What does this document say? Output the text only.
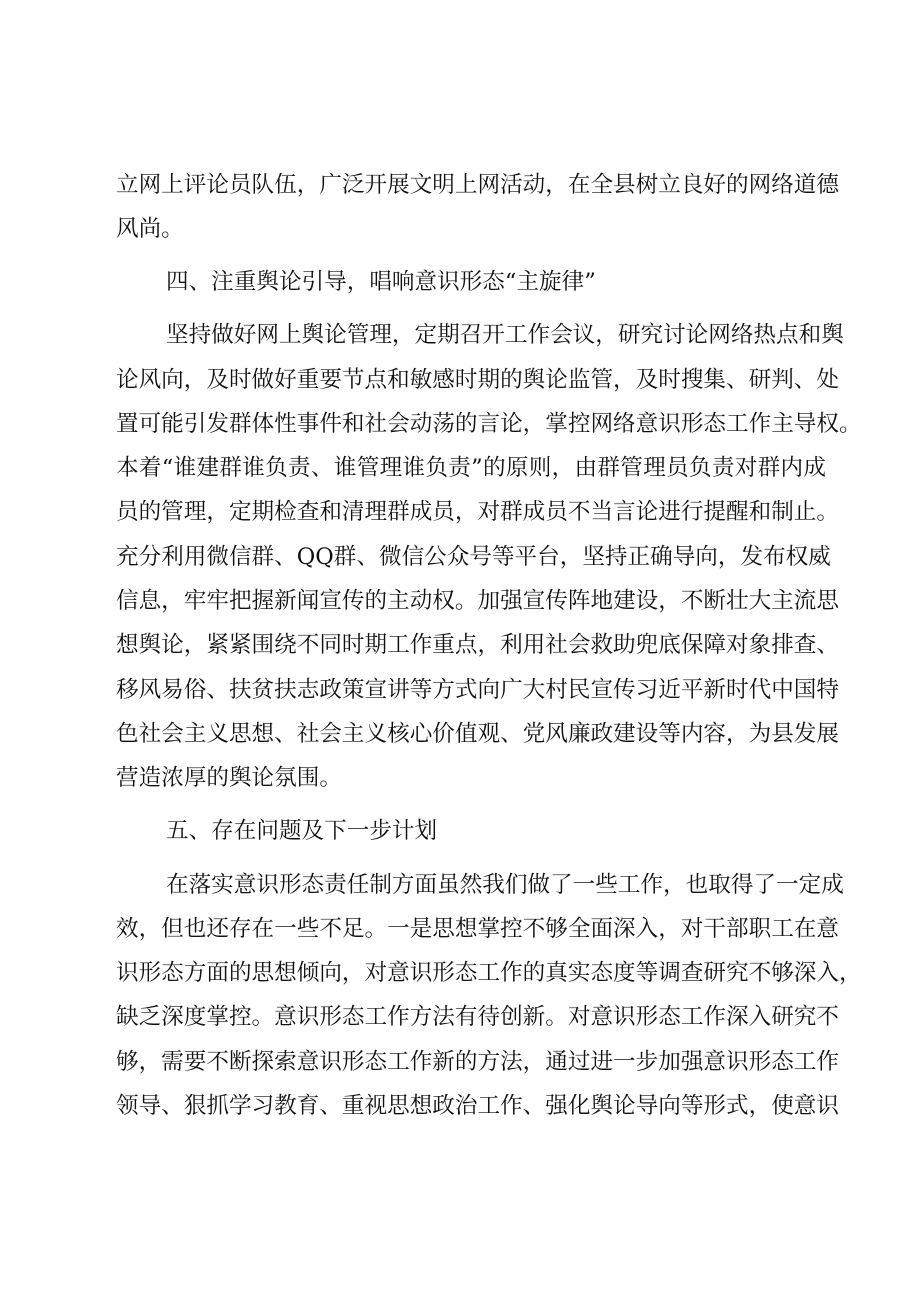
立网上评论员队伍，广泛开展文明上网活动，在全县树立良好的网络道德
风尚。
四、注重舆论引导，唱响意识形态“主旋律”
坚持做好网上舆论管理，定期召开工作会议，研究讨论网络热点和舆
论风向，及时做好重要节点和敏感时期的舆论监管，及时搜集、研判、处
置可能引发群体性事件和社会动荡的言论，掌控网络意识形态工作主导权。
本着“谁建群谁负责、谁管理谁负责”的原则，由群管理员负责对群内成
员的管理，定期检查和清理群成员，对群成员不当言论进行提醒和制止。
充分利用微信群、QQ群、微信公众号等平台，坚持正确导向，发布权威
信息，牢牢把握新闻宣传的主动权。加强宣传阵地建设，不断壮大主流思
想舆论，紧紧围绕不同时期工作重点，利用社会救助兜底保障对象排查、
移风易俗、扶贫扶志政策宣讲等方式向广大村民宣传习近平新时代中国特
色社会主义思想、社会主义核心价值观、党风廉政建设等内容，为县发展
营造浓厚的舆论氛围。
五、存在问题及下一步计划
在落实意识形态责任制方面虽然我们做了一些工作，也取得了一定成
效，但也还存在一些不足。一是思想掌控不够全面深入，对干部职工在意
识形态方面的思想倾向，对意识形态工作的真实态度等调查研究不够深入，
缺乏深度掌控。意识形态工作方法有待创新。对意识形态工作深入研究不
够，需要不断探索意识形态工作新的方法，通过进一步加强意识形态工作
领导、狠抓学习教育、重视思想政治工作、强化舆论导向等形式，使意识
